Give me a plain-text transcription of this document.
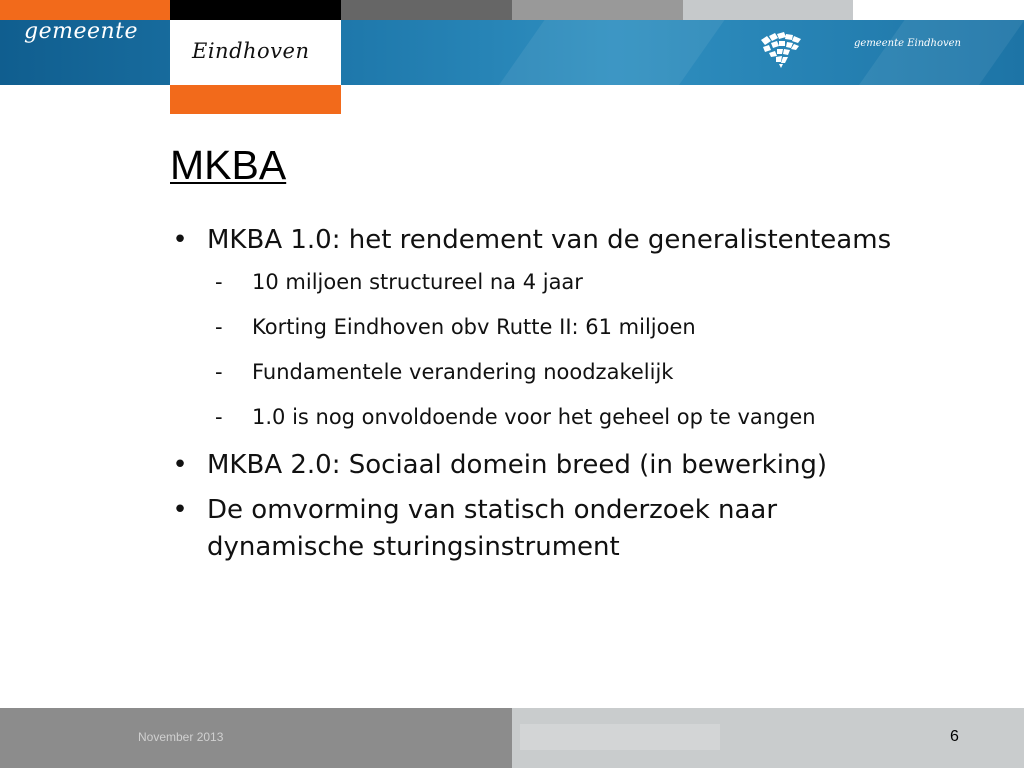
gemeente
Eindhoven	gemeente Eindhoven
MKBA
• MKBA 1.0: het rendement van de generalistenteams
- 10 miljoen structureel na 4 jaar
- Korting Eindhoven obv Rutte II: 61 miljoen
- Fundamentele verandering noodzakelijk
- 1.0 is nog onvoldoende voor het geheel op te vangen
• MKBA 2.0: Sociaal domein breed (in bewerking)
• De omvorming van statisch onderzoek naar dynamische sturingsinstrument
November 2013	6
